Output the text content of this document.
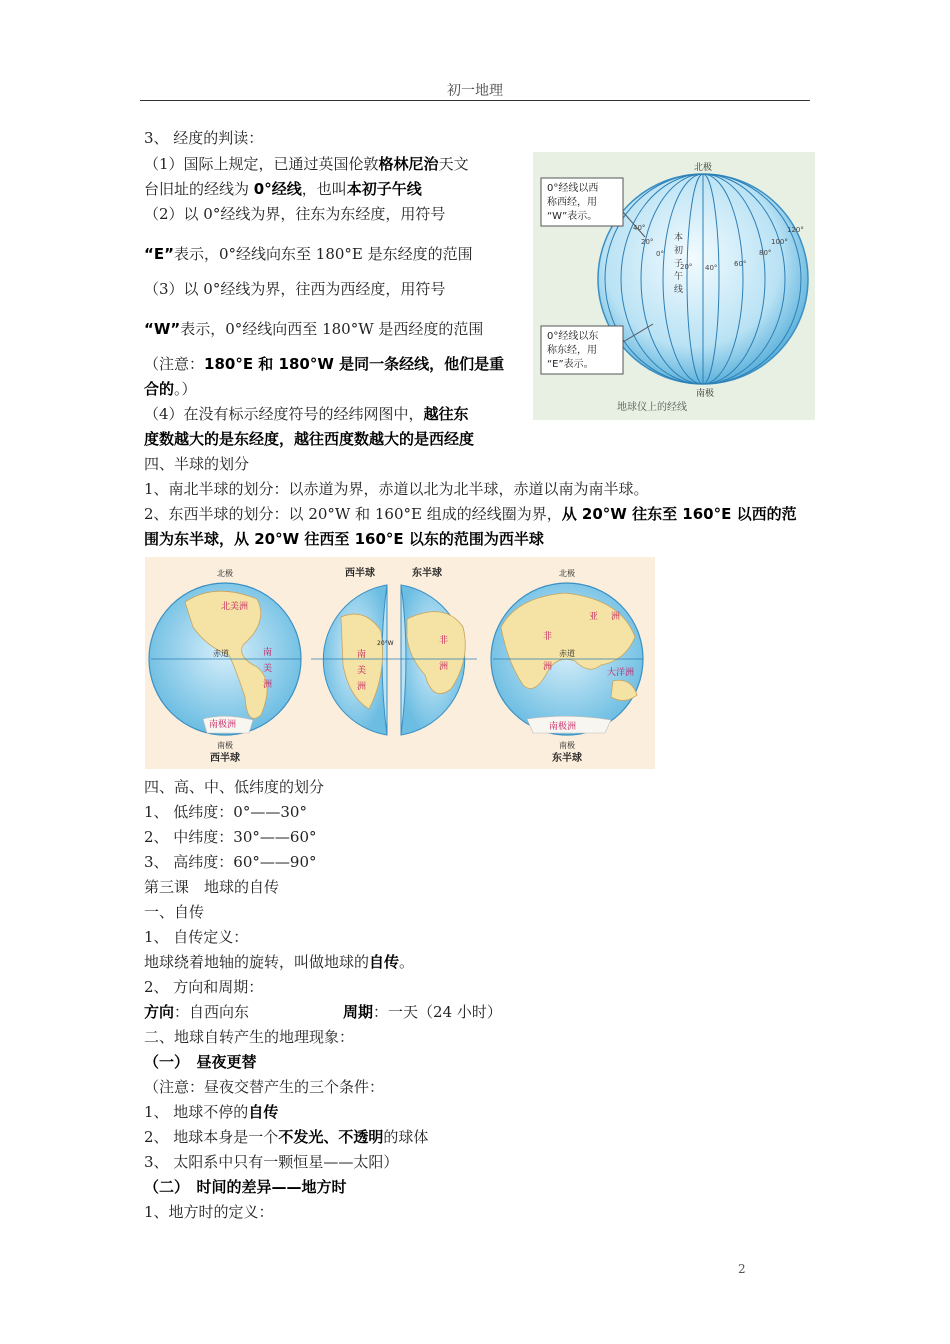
初一地理
3、 经度的判读：
（1）国际上规定，已通过英国伦敦格林尼治天文
台旧址的经线为 0°经线，也叫本初子午线
（2）以 0°经线为界，往东为东经度，用符号
“E”表示，0°经线向东至 180°E 是东经度的范围
（3）以 0°经线为界，往西为西经度，用符号
“W”表示，0°经线向西至 180°W 是西经度的范围
（注意：180°E 和 180°W 是同一条经线，他们是重
合的。）
（4）在没有标示经度符号的经纬网图中，越往东
度数越大的是东经度，越往西度数越大的是西经度
四、半球的划分
1、南北半球的划分：以赤道为界，赤道以北为北半球，赤道以南为南半球。
2、东西半球的划分：以 20°W 和 160°E 组成的经线圈为界，从 20°W 往东至 160°E 以西的范
围为东半球，从 20°W 往西至 160°E 以东的范围为西半球
北极
南极
0°经线以西
称西经，用
“W”表示。
0°经线以东
称东经，用
“E”表示。
本
初
子
午
线
40°
20°
0°
20° 40° 60°
80°
100°
120°
地球仪上的经线
北极
南极
北极
南极
赤道	赤道
20°W
西半球	东半球
西半球	东半球
北美洲
南
美
洲
南极洲
南
美
洲
非
洲
非
洲
亚 洲
大洋洲
南极洲
四、高、中、低纬度的划分
1、 低纬度：0°——30°
2、 中纬度：30°——60°
3、 高纬度：60°——90°
第三课　地球的自传
一、自传
1、 自传定义：
地球绕着地轴的旋转，叫做地球的自传。
2、 方向和周期：
方向：自西向东	周期：一天（24 小时）
二、地球自转产生的地理现象：
（一）　昼夜更替
（注意：昼夜交替产生的三个条件：
1、 地球不停的自传
2、 地球本身是一个不发光、不透明的球体
3、 太阳系中只有一颗恒星——太阳）
（二）　时间的差异——地方时
1、地方时的定义：
2
